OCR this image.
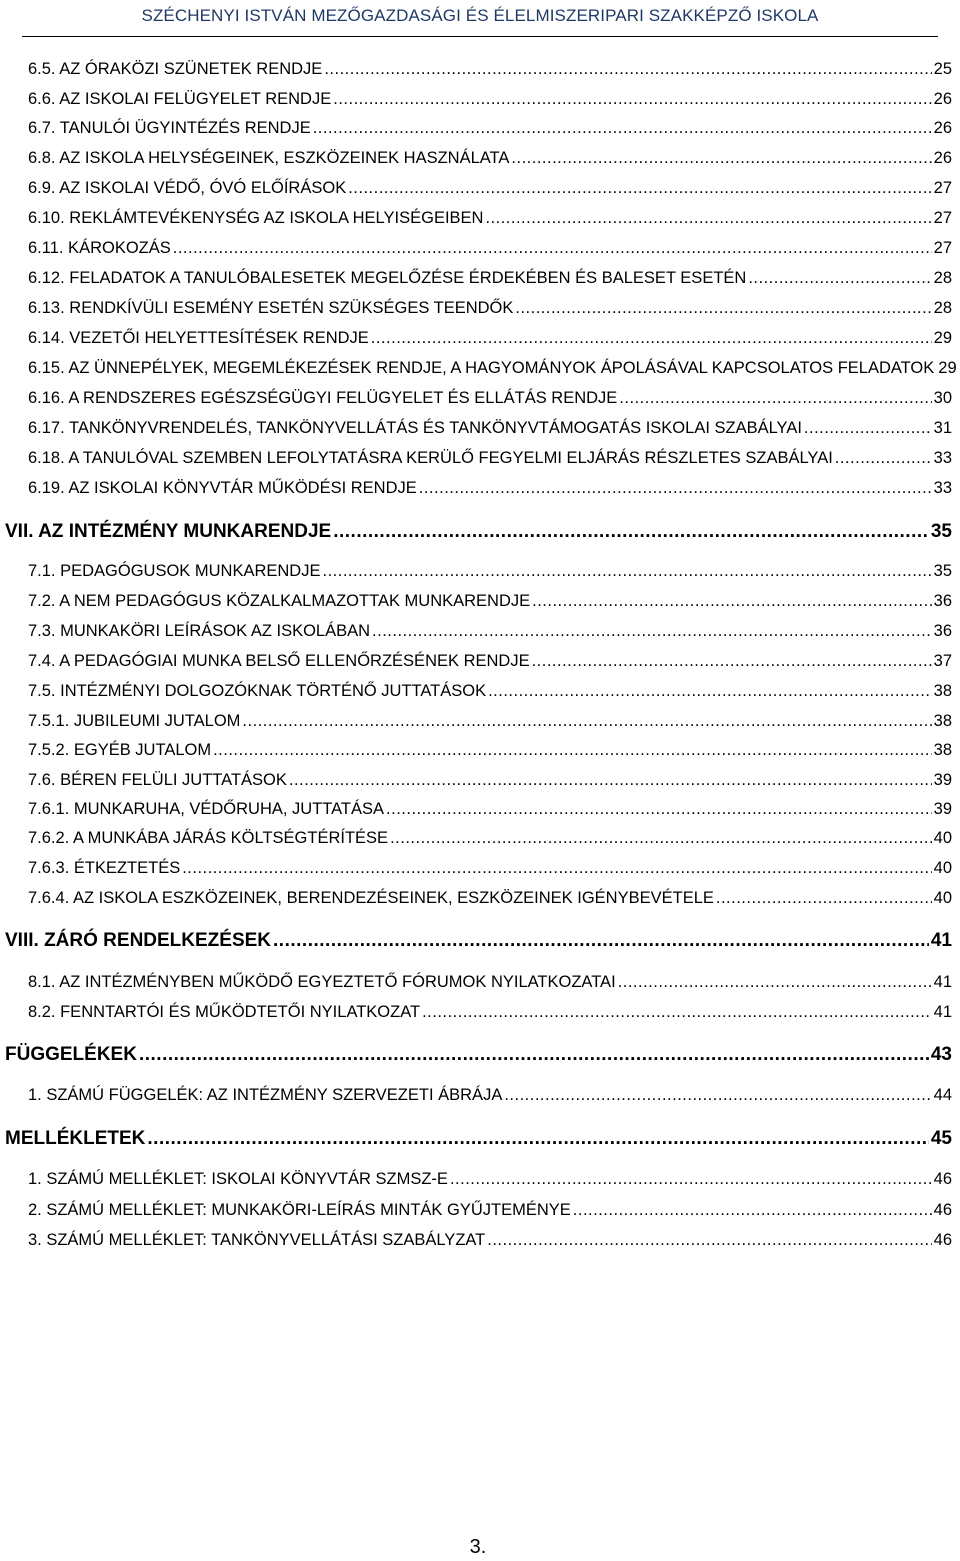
SZÉCHENYI ISTVÁN MEZŐGAZDASÁGI ÉS ÉLELMISZERIPARI SZAKKÉPZŐ ISKOLA
6.5. AZ ÓRAKÖZI SZÜNETEK RENDJE .....	25
6.6. AZ ISKOLAI FELÜGYELET RENDJE .....	26
6.7. TANULÓI ÜGYINTÉZÉS RENDJE .....	26
6.8. AZ ISKOLA HELYSÉGEINEK, ESZKÖZEINEK HASZNÁLATA .....	26
6.9. AZ ISKOLAI VÉDŐ, ÓVÓ ELŐÍRÁSOK .....	27
6.10. REKLÁMTEVÉKENYSÉG AZ ISKOLA HELYISÉGEIBEN .....	27
6.11. KÁROKOZÁS .....	27
6.12. FELADATOK A TANULÓBALESETEK MEGELŐZÉSE ÉRDEKÉBEN ÉS BALESET ESETÉN .....	28
6.13. RENDKÍVÜLI ESEMÉNY ESETÉN SZÜKSÉGES TEENDŐK .....	28
6.14. VEZETŐI HELYETTESÍTÉSEK RENDJE .....	29
6.15. AZ ÜNNEPÉLYEK, MEGEMLÉKEZÉSEK RENDJE, A HAGYOMÁNYOK ÁPOLÁSÁVAL KAPCSOLATOS FELADATOK 29
6.16. A RENDSZERES EGÉSZSÉGÜGYI FELÜGYELET ÉS ELLÁTÁS RENDJE .....	30
6.17. TANKÖNYVRENDELÉS, TANKÖNYVELLÁTÁS ÉS TANKÖNYVTÁMOGATÁS ISKOLAI SZABÁLYAI .....	31
6.18. A TANULÓVAL SZEMBEN LEFOLYTATÁSRA KERÜLŐ FEGYELMI ELJÁRÁS RÉSZLETES SZABÁLYAI .....	33
6.19. AZ ISKOLAI KÖNYVTÁR MŰKÖDÉSI RENDJE .....	33
VII. AZ INTÉZMÉNY MUNKARENDJE .....	35
7.1. PEDAGÓGUSOK MUNKARENDJE .....	35
7.2. A NEM PEDAGÓGUS KÖZALKALMAZOTTAK MUNKARENDJE .....	36
7.3. MUNKAKÖRI LEÍRÁSOK AZ ISKOLÁBAN .....	36
7.4. A PEDAGÓGIAI MUNKA BELSŐ ELLENŐRZÉSÉNEK RENDJE .....	37
7.5. INTÉZMÉNYI DOLGOZÓKNAK TÖRTÉNŐ JUTTATÁSOK .....	38
7.5.1. JUBILEUMI JUTALOM .....	38
7.5.2. EGYÉB JUTALOM .....	38
7.6. BÉREN FELÜLI JUTTATÁSOK .....	39
7.6.1. MUNKARUHA, VÉDŐRUHA, JUTTATÁSA .....	39
7.6.2. A MUNKÁBA JÁRÁS KÖLTSÉGTÉRÍTÉSE .....	40
7.6.3. ÉTKEZTETÉS .....	40
7.6.4. AZ ISKOLA ESZKÖZEINEK, BERENDEZÉSEINEK, ESZKÖZEINEK IGÉNYBEVÉTELE .....	40
VIII. ZÁRÓ RENDELKEZÉSEK .....	41
8.1. AZ INTÉZMÉNYBEN MŰKÖDŐ EGYEZTETŐ FÓRUMOK NYILATKOZATAI .....	41
8.2. FENNTARTÓI ÉS MŰKÖDTETŐI NYILATKOZAT .....	41
FÜGGELÉKEK .....	43
1. SZÁMÚ FÜGGELÉK: AZ INTÉZMÉNY SZERVEZETI ÁBRÁJA .....	44
MELLÉKLETEK .....	45
1. SZÁMÚ MELLÉKLET: ISKOLAI KÖNYVTÁR SZMSZ-E .....	46
2. SZÁMÚ MELLÉKLET: MUNKAKÖRI-LEÍRÁS MINTÁK GYŰJTEMÉNYE .....	46
3. SZÁMÚ MELLÉKLET: TANKÖNYVELLÁTÁSI SZABÁLYZAT .....	46
3.
